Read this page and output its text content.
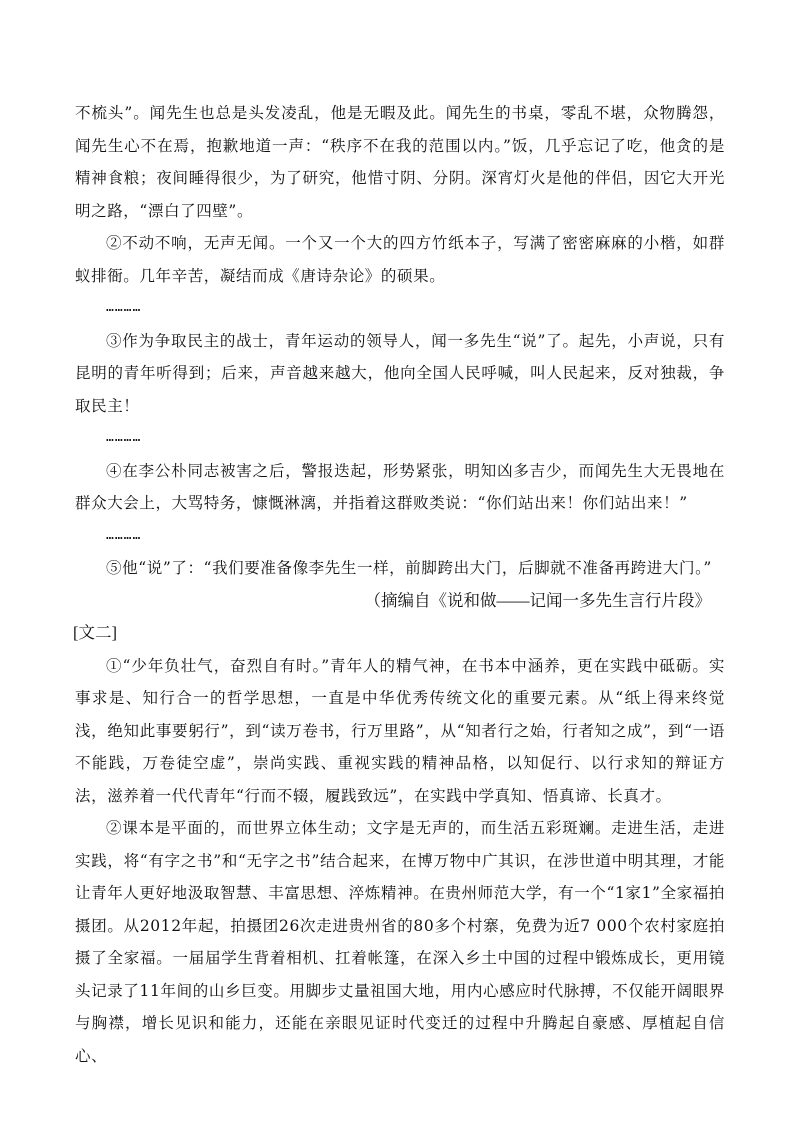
不梳头”。闻先生也总是头发凌乱，他是无暇及此。闻先生的书桌，零乱不堪，众物腾怨，闻先生心不在焉，抱歉地道一声：“秩序不在我的范围以内。”饭，几乎忘记了吃，他贪的是精神食粮；夜间睡得很少，为了研究，他惜寸阴、分阴。深宵灯火是他的伴侣，因它大开光明之路，“漂白了四壁”。

②不动不响，无声无闻。一个又一个大的四方竹纸本子，写满了密密麻麻的小楷，如群蚁排衙。几年辛苦，凝结而成《唐诗杂论》的硕果。

…………

③作为争取民主的战士，青年运动的领导人，闻一多先生“说”了。起先，小声说，只有昆明的青年听得到；后来，声音越来越大，他向全国人民呼喊，叫人民起来，反对独裁，争取民主！

…………

④在李公朴同志被害之后，警报迭起，形势紧张，明知凶多吉少，而闻先生大无畏地在群众大会上，大骂特务，慷慨淋漓，并指着这群败类说：“你们站出来！你们站出来！”

…………

⑤他“说”了：“我们要准备像李先生一样，前脚跨出大门，后脚就不准备再跨进大门。”

（摘编自《说和做——记闻一多先生言行片段》

[文二]

①“少年负壮气，奋烈自有时。”青年人的精气神，在书本中涵养，更在实践中砥砺。实事求是、知行合一的哲学思想，一直是中华优秀传统文化的重要元素。从“纸上得来终觉浅，绝知此事要躬行”，到“读万卷书，行万里路”，从“知者行之始，行者知之成”，到“一语不能践，万卷徒空虚”，崇尚实践、重视实践的精神品格，以知促行、以行求知的辩证方法，滋养着一代代青年“行而不辍，履践致远”，在实践中学真知、悟真谛、长真才。

②课本是平面的，而世界立体生动；文字是无声的，而生活五彩斑斓。走进生活，走进实践，将“有字之书”和“无字之书”结合起来，在博万物中广其识，在涉世道中明其理，才能让青年人更好地汲取智慧、丰富思想、淬炼精神。在贵州师范大学，有一个“1家1”全家福拍摄团。从2012年起，拍摄团26次走进贵州省的80多个村寨，免费为近7 000个农村家庭拍摄了全家福。一届届学生背着相机、扛着帐篷，在深入乡土中国的过程中锻炼成长，更用镜头记录了11年间的山乡巨变。用脚步丈量祖国大地，用内心感应时代脉搏，不仅能开阔眼界与胸襟，增长见识和能力，还能在亲眼见证时代变迁的过程中升腾起自豪感、厚植起自信心、
